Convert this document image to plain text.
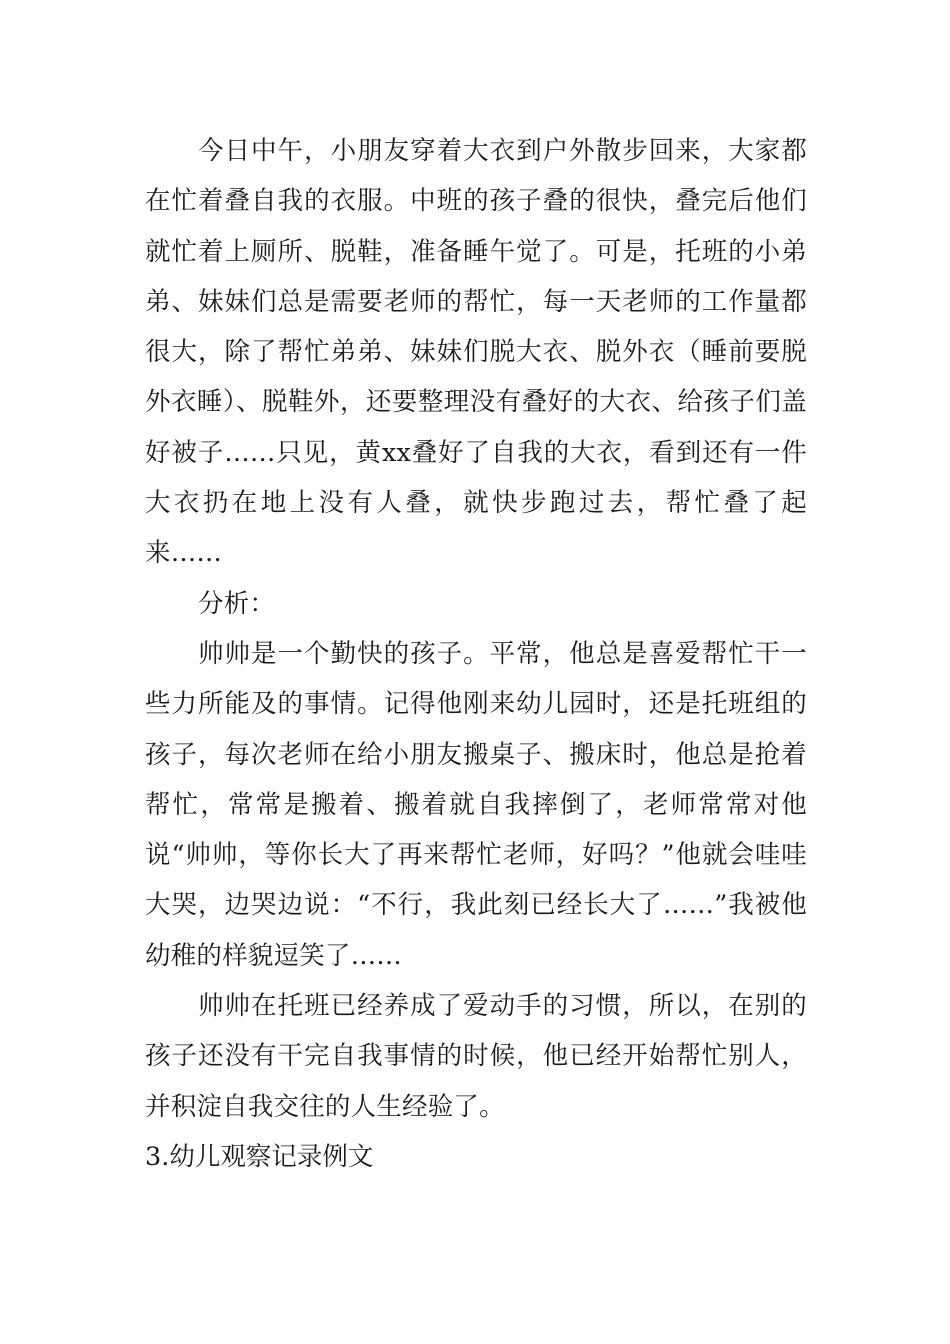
今日中午，小朋友穿着大衣到户外散步回来，大家都在忙着叠自我的衣服。中班的孩子叠的很快，叠完后他们就忙着上厕所、脱鞋，准备睡午觉了。可是，托班的小弟弟、妹妹们总是需要老师的帮忙，每一天老师的工作量都很大，除了帮忙弟弟、妹妹们脱大衣、脱外衣（睡前要脱外衣睡）、脱鞋外，还要整理没有叠好的大衣、给孩子们盖好被子……只见，黄xx叠好了自我的大衣，看到还有一件大衣扔在地上没有人叠，就快步跑过去，帮忙叠了起来……

分析：

帅帅是一个勤快的孩子。平常，他总是喜爱帮忙干一些力所能及的事情。记得他刚来幼儿园时，还是托班组的孩子，每次老师在给小朋友搬桌子、搬床时，他总是抢着帮忙，常常是搬着、搬着就自我摔倒了，老师常常对他说“帅帅，等你长大了再来帮忙老师，好吗？”他就会哇哇大哭，边哭边说：“不行，我此刻已经长大了……”我被他幼稚的样貌逗笑了……

帅帅在托班已经养成了爱动手的习惯，所以，在别的孩子还没有干完自我事情的时候，他已经开始帮忙别人，并积淀自我交往的人生经验了。

3.幼儿观察记录例文
